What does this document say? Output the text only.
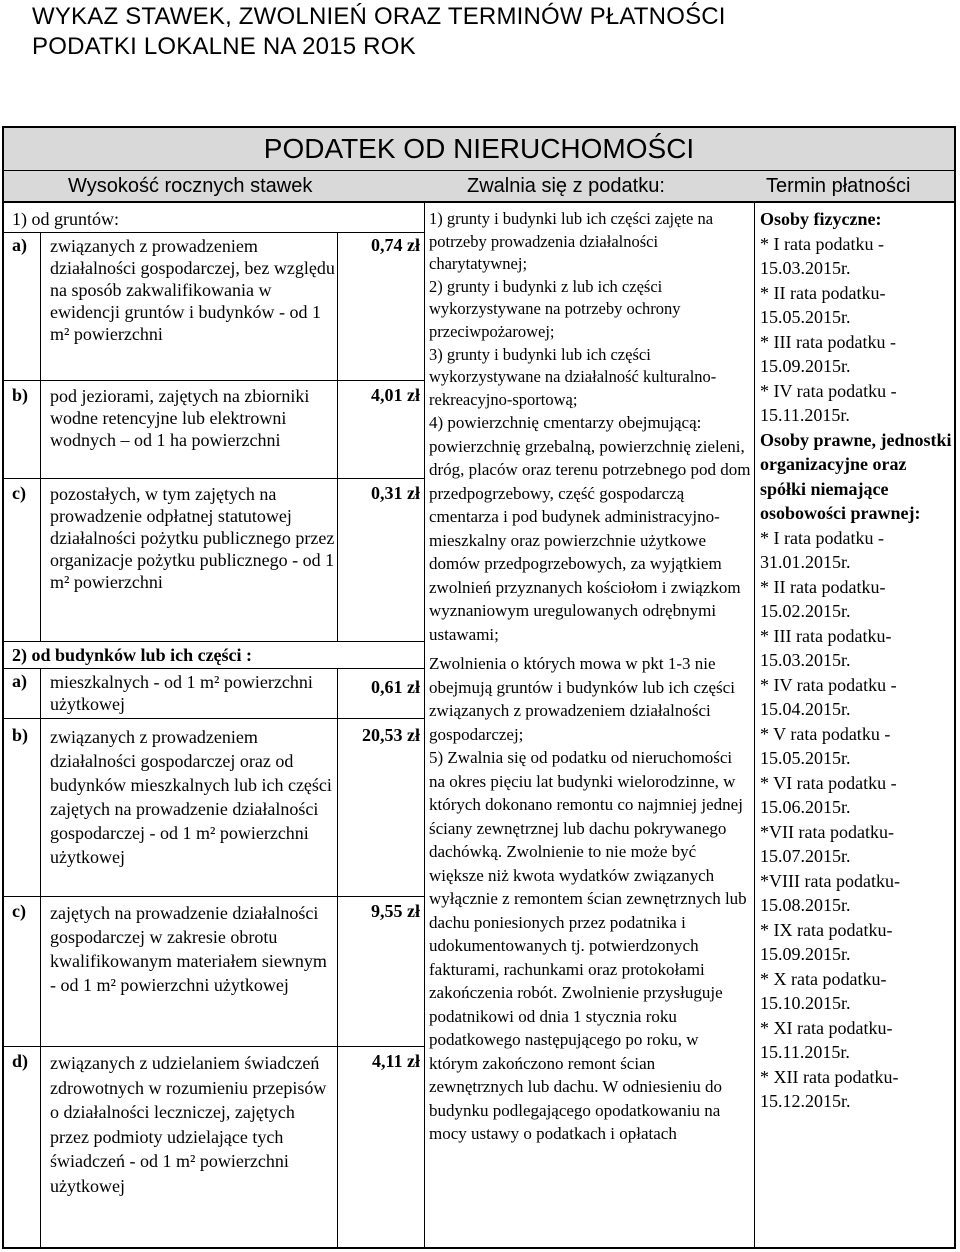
WYKAZ STAWEK, ZWOLNIEŃ ORAZ TERMINÓW PŁATNOŚCI
PODATKI LOKALNE NA 2015 ROK
PODATEK OD NIERUCHOMOŚCI
Wysokość rocznych stawek	Zwalnia się z podatku:	Termin płatności
1) od gruntów:
a) związanych z prowadzeniem działalności gospodarczej, bez względu na sposób zakwalifikowania w ewidencji gruntów i budynków - od 1 m² powierzchni
0,74 zł
b) pod jeziorami, zajętych na zbiorniki wodne retencyjne lub elektrowni wodnych – od 1 ha powierzchni
4,01 zł
c) pozostałych, w tym zajętych na prowadzenie odpłatnej statutowej działalności pożytku publicznego przez organizacje pożytku publicznego - od 1 m² powierzchni
0,31 zł
2) od budynków lub ich części :
a) mieszkalnych - od 1 m² powierzchni użytkowej
0,61 zł
b) związanych z prowadzeniem działalności gospodarczej oraz od budynków mieszkalnych lub ich części zajętych na prowadzenie działalności gospodarczej - od 1 m² powierzchni użytkowej
20,53 zł
c) zajętych na prowadzenie działalności gospodarczej w zakresie obrotu kwalifikowanym materiałem siewnym - od 1 m² powierzchni użytkowej
9,55 zł
d) związanych z udzielaniem świadczeń zdrowotnych w rozumieniu przepisów o działalności leczniczej, zajętych przez podmioty udzielające tych świadczeń - od 1 m² powierzchni użytkowej
4,11 zł
1) grunty i budynki lub ich części zajęte na potrzeby prowadzenia działalności charytatywnej;
2) grunty i budynki z lub ich części wykorzystywane na potrzeby ochrony przeciwpożarowej;
3) grunty i budynki lub ich części wykorzystywane na działalność kulturalno- rekreacyjno-sportową;
4) powierzchnię cmentarzy obejmującą: powierzchnię grzebalną, powierzchnię zieleni, dróg, placów oraz terenu potrzebnego pod dom przedpogrzebowy, część gospodarczą cmentarza i pod budynek administracyjno-mieszkalny oraz powierzchnie użytkowe domów przedpogrzebowych, za wyjątkiem zwolnień przyznanych kościołom i związkom wyznaniowym uregulowanych odrębnymi ustawami;
Zwolnienia o których mowa w pkt 1-3 nie obejmują gruntów i budynków lub ich części związanych z prowadzeniem działalności gospodarczej;
5) Zwalnia się od podatku od nieruchomości na okres pięciu lat budynki wielorodzinne, w których dokonano remontu co najmniej jednej ściany zewnętrznej lub dachu pokrywanego dachówką. Zwolnienie to nie może być większe niż kwota wydatków związanych wyłącznie z remontem ścian zewnętrznych lub dachu poniesionych przez podatnika i udokumentowanych tj. potwierdzonych fakturami, rachunkami oraz protokołami zakończenia robót. Zwolnienie przysługuje podatnikowi od dnia 1 stycznia roku podatkowego następującego po roku, w którym zakończono remont ścian zewnętrznych lub dachu. W odniesieniu do budynku podlegającego opodatkowaniu na mocy ustawy o podatkach i opłatach
Osoby fizyczne:
* I rata podatku - 15.03.2015r.
* II rata podatku- 15.05.2015r.
* III rata podatku - 15.09.2015r.
* IV rata podatku - 15.11.2015r.
Osoby prawne, jednostki organizacyjne oraz spółki niemające osobowości prawnej:
* I rata podatku - 31.01.2015r.
* II rata podatku- 15.02.2015r.
* III rata podatku- 15.03.2015r.
* IV rata podatku - 15.04.2015r.
* V rata podatku - 15.05.2015r.
* VI rata podatku - 15.06.2015r.
*VII rata podatku- 15.07.2015r.
*VIII rata podatku- 15.08.2015r.
* IX rata podatku- 15.09.2015r.
* X rata podatku- 15.10.2015r.
* XI rata podatku- 15.11.2015r.
* XII rata podatku- 15.12.2015r.
